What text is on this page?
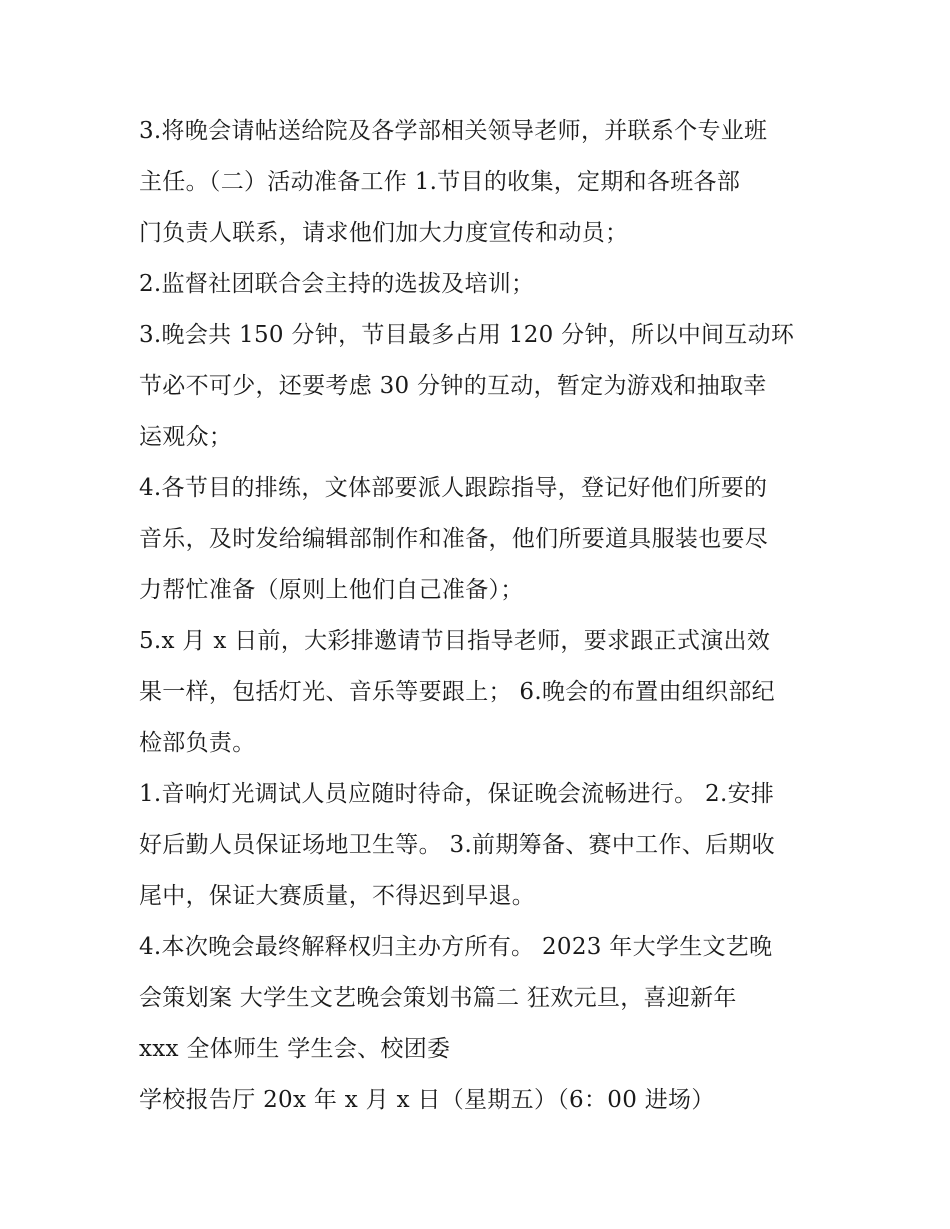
3.将晚会请帖送给院及各学部相关领导老师，并联系个专业班
主任。（二）活动准备工作 1.节目的收集，定期和各班各部
门负责人联系，请求他们加大力度宣传和动员；
2.监督社团联合会主持的选拔及培训；
3.晚会共 150 分钟，节目最多占用 120 分钟，所以中间互动环
节必不可少，还要考虑 30 分钟的互动，暂定为游戏和抽取幸
运观众；
4.各节目的排练，文体部要派人跟踪指导，登记好他们所要的
音乐，及时发给编辑部制作和准备，他们所要道具服装也要尽
力帮忙准备（原则上他们自己准备）；
5.x 月 x 日前，大彩排邀请节目指导老师，要求跟正式演出效
果一样，包括灯光、音乐等要跟上； 6.晚会的布置由组织部纪
检部负责。
1.音响灯光调试人员应随时待命，保证晚会流畅进行。 2.安排
好后勤人员保证场地卫生等。 3.前期筹备、赛中工作、后期收
尾中，保证大赛质量，不得迟到早退。
4.本次晚会最终解释权归主办方所有。 2023 年大学生文艺晚
会策划案 大学生文艺晚会策划书篇二 狂欢元旦，喜迎新年
xxx 全体师生 学生会、校团委
学校报告厅 20x 年 x 月 x 日（星期五）（6：00 进场）
